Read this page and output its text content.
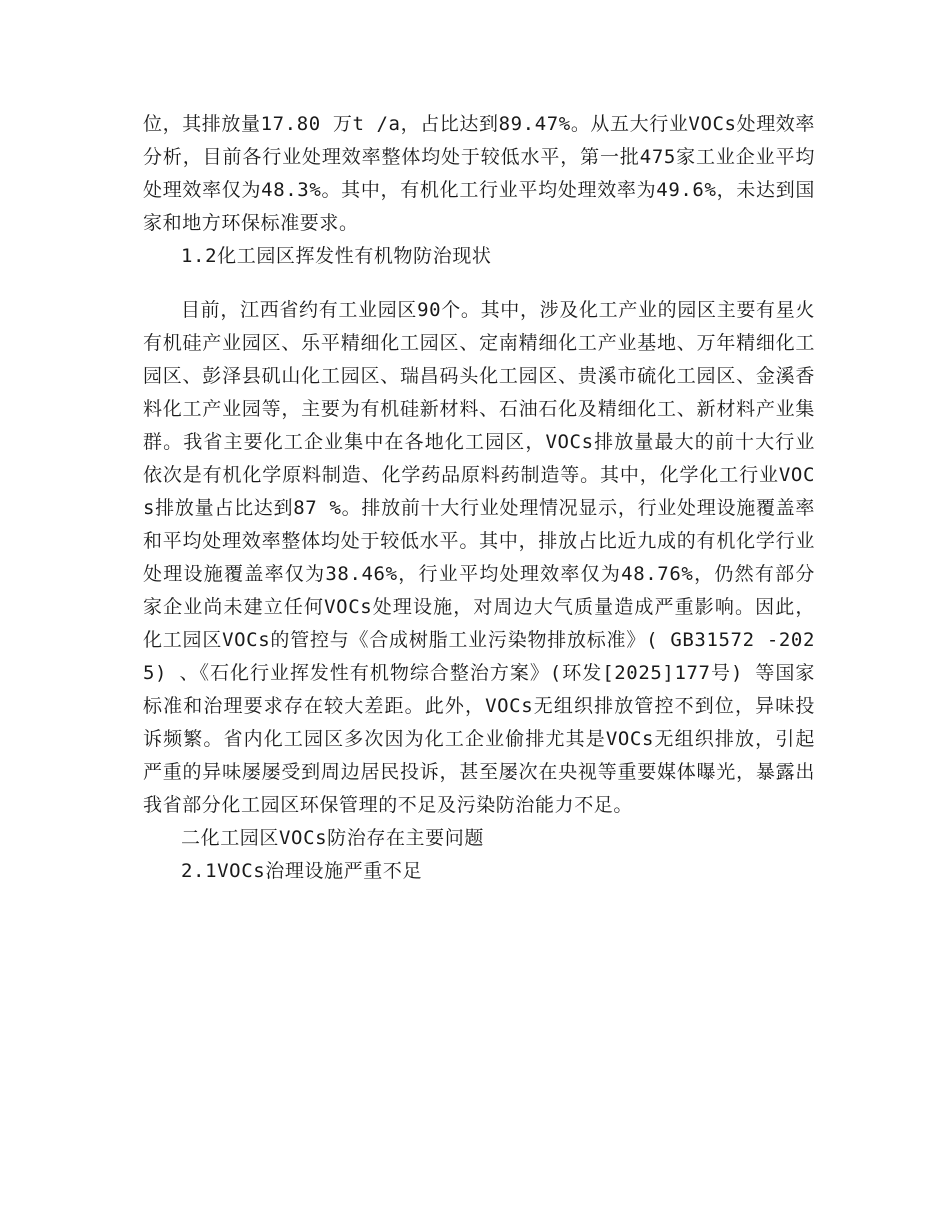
位，其排放量17.80 万t /a，占比达到89.47%。从五大行业VOCs处理效率分析，目前各行业处理效率整体均处于较低水平，第一批475家工业企业平均处理效率仅为48.3%。其中，有机化工行业平均处理效率为49.6%，未达到国家和地方环保标准要求。

1.2化工园区挥发性有机物防治现状

目前，江西省约有工业园区90个。其中，涉及化工产业的园区主要有星火有机硅产业园区、乐平精细化工园区、定南精细化工产业基地、万年精细化工园区、彭泽县矶山化工园区、瑞昌码头化工园区、贵溪市硫化工园区、金溪香料化工产业园等，主要为有机硅新材料、石油石化及精细化工、新材料产业集群。我省主要化工企业集中在各地化工园区，VOCs排放量最大的前十大行业依次是有机化学原料制造、化学药品原料药制造等。其中，化学化工行业VOCs排放量占比达到87 %。排放前十大行业处理情况显示，行业处理设施覆盖率和平均处理效率整体均处于较低水平。其中，排放占比近九成的有机化学行业处理设施覆盖率仅为38.46%，行业平均处理效率仅为48.76%，仍然有部分家企业尚未建立任何VOCs处理设施，对周边大气质量造成严重影响。因此，化工园区VOCs的管控与《合成树脂工业污染物排放标准》( GB31572 -2025) 、《石化行业挥发性有机物综合整治方案》(环发[2025]177号) 等国家标准和治理要求存在较大差距。此外，VOCs无组织排放管控不到位，异味投诉频繁。省内化工园区多次因为化工企业偷排尤其是VOCs无组织排放，引起严重的异味屡屡受到周边居民投诉，甚至屡次在央视等重要媒体曝光，暴露出我省部分化工园区环保管理的不足及污染防治能力不足。

二化工园区VOCs防治存在主要问题

2.1VOCs治理设施严重不足
